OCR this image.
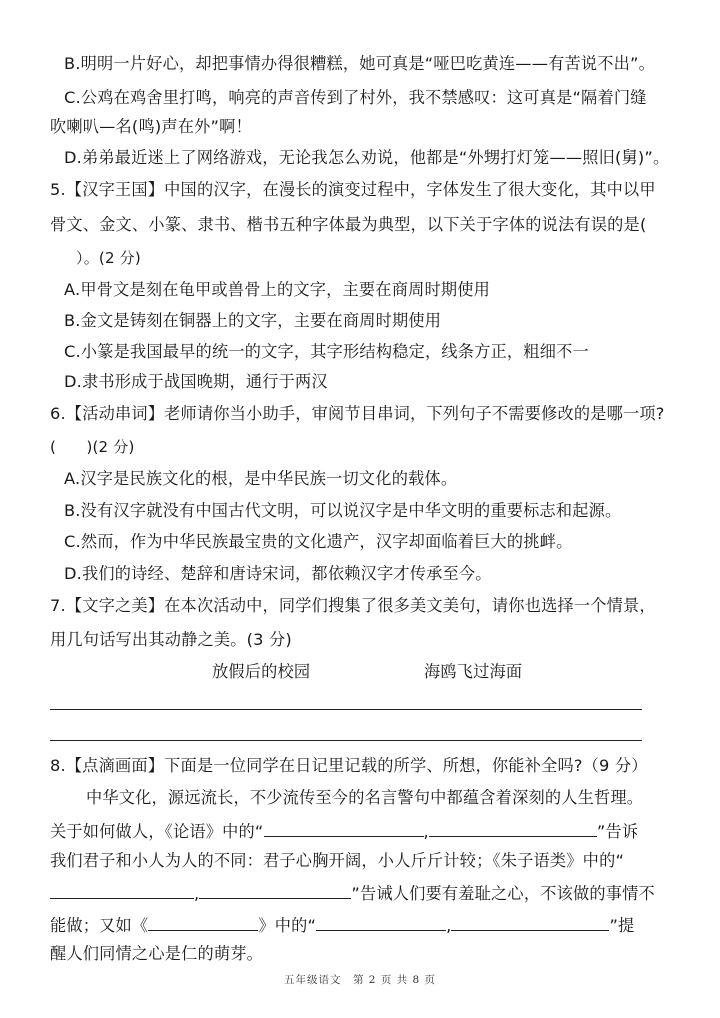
B.明明一片好心，却把事情办得很糟糕，她可真是“哑巴吃黄连——有苦说不出”。
C.公鸡在鸡舍里打鸣，响亮的声音传到了村外，我不禁感叹：这可真是“隔着门缝
吹喇叭—名(鸣)声在外”啊！
D.弟弟最近迷上了网络游戏，无论我怎么劝说，他都是“外甥打灯笼——照旧(舅)”。
5.【汉字王国】中国的汉字，在漫长的演变过程中，字体发生了很大变化，其中以甲
骨文、金文、小篆、隶书、楷书五种字体最为典型，以下关于字体的说法有误的是(
）。(2 分)
A.甲骨文是刻在龟甲或兽骨上的文字，主要在商周时期使用
B.金文是铸刻在铜器上的文字，主要在商周时期使用
C.小篆是我国最早的统一的文字，其字形结构稳定，线条方正，粗细不一
D.隶书形成于战国晚期，通行于两汉
6.【活动串词】老师请你当小助手，审阅节目串词，下列句子不需要修改的是哪一项?
(　　)(2 分)
A.汉字是民族文化的根，是中华民族一切文化的载体。
B.没有汉字就没有中国古代文明，可以说汉字是中华文明的重要标志和起源。
C.然而，作为中华民族最宝贵的文化遗产，汉字却面临着巨大的挑衅。
D.我们的诗经、楚辞和唐诗宋词，都依赖汉字才传承至今。
7.【文字之美】在本次活动中，同学们搜集了很多美文美句，请你也选择一个情景，
用几句话写出其动静之美。(3 分)
放假后的校园	海鸥飞过海面
8.【点滴画面】下面是一位同学在日记里记载的所学、所想，你能补全吗?（9 分）
中华文化，源远流长，不少流传至今的名言警句中都蕴含着深刻的人生哲理。
关于如何做人，《论语》中的“	,	”告诉
我们君子和小人为人的不同：君子心胸开阔，小人斤斤计较；《朱子语类》中的“
,	”告诫人们要有羞耻之心，不该做的事情不
能做；又如《	》中的“	,	”提
醒人们同情之心是仁的萌芽。
五年级语文　第 2 页 共 8 页
